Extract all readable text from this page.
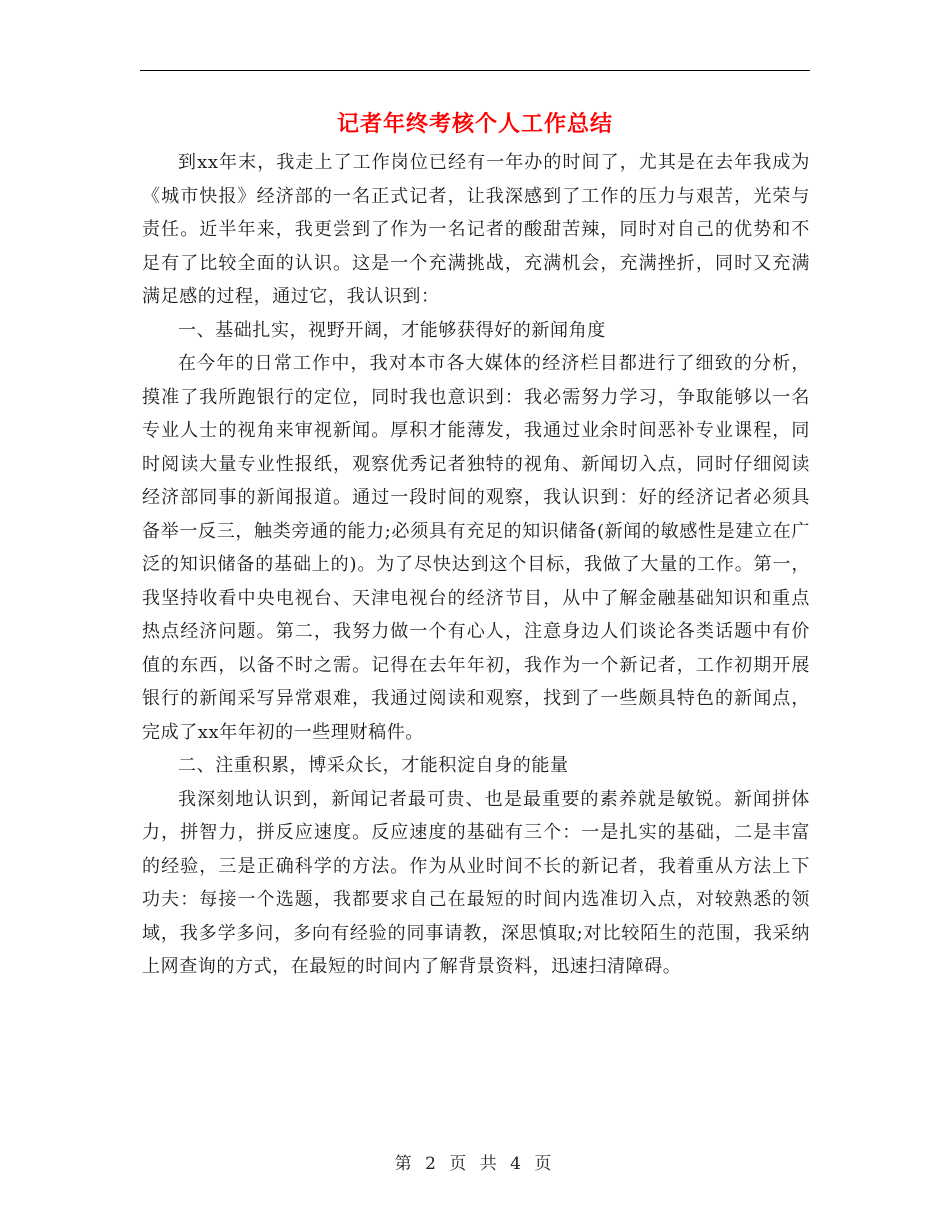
记者年终考核个人工作总结

到xx年末，我走上了工作岗位已经有一年办的时间了，尤其是在去年我成为《城市快报》经济部的一名正式记者，让我深感到了工作的压力与艰苦，光荣与责任。近半年来，我更尝到了作为一名记者的酸甜苦辣，同时对自己的优势和不足有了比较全面的认识。这是一个充满挑战，充满机会，充满挫折，同时又充满满足感的过程，通过它，我认识到：

一、基础扎实，视野开阔，才能够获得好的新闻角度

在今年的日常工作中，我对本市各大媒体的经济栏目都进行了细致的分析，摸准了我所跑银行的定位，同时我也意识到：我必需努力学习，争取能够以一名专业人士的视角来审视新闻。厚积才能薄发，我通过业余时间恶补专业课程，同时阅读大量专业性报纸，观察优秀记者独特的视角、新闻切入点，同时仔细阅读经济部同事的新闻报道。通过一段时间的观察，我认识到：好的经济记者必须具备举一反三，触类旁通的能力;必须具有充足的知识储备(新闻的敏感性是建立在广泛的知识储备的基础上的)。为了尽快达到这个目标，我做了大量的工作。第一，我坚持收看中央电视台、天津电视台的经济节目，从中了解金融基础知识和重点热点经济问题。第二，我努力做一个有心人，注意身边人们谈论各类话题中有价值的东西，以备不时之需。记得在去年年初，我作为一个新记者，工作初期开展银行的新闻采写异常艰难，我通过阅读和观察，找到了一些颇具特色的新闻点，完成了xx年年初的一些理财稿件。

二、注重积累，博采众长，才能积淀自身的能量

我深刻地认识到，新闻记者最可贵、也是最重要的素养就是敏锐。新闻拼体力，拼智力，拼反应速度。反应速度的基础有三个：一是扎实的基础，二是丰富的经验，三是正确科学的方法。作为从业时间不长的新记者，我着重从方法上下功夫：每接一个选题，我都要求自己在最短的时间内选准切入点，对较熟悉的领域，我多学多问，多向有经验的同事请教，深思慎取;对比较陌生的范围，我采纳上网查询的方式，在最短的时间内了解背景资料，迅速扫清障碍。

第 2 页 共 4 页
